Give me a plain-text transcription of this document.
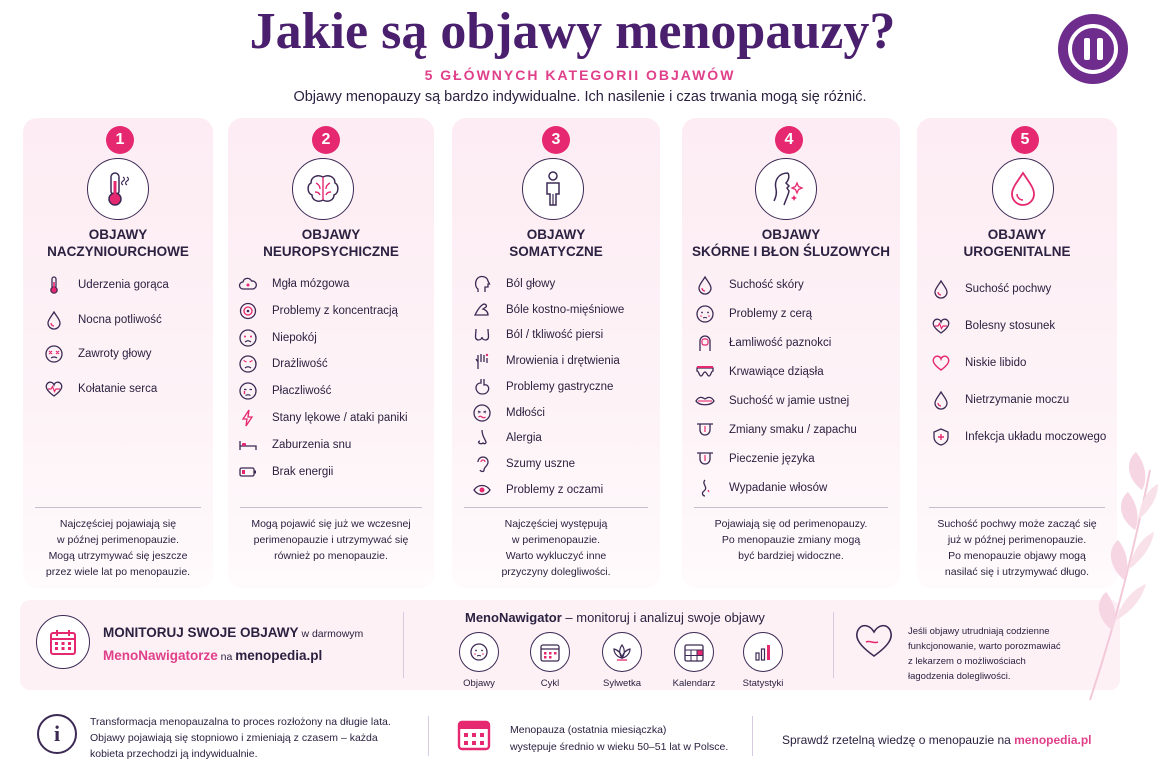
Jakie są objawy menopauzy?
5 GŁÓWNYCH KATEGORII OBJAWÓW
Objawy menopauzy są bardzo indywidualne. Ich nasilenie i czas trwania mogą się różnić.
1
OBJAWY
NACZYNIOURCHOWE
Uderzenia gorąca
Nocna potliwość
Zawroty głowy
Kołatanie serca
Najczęściej pojawiają się
w późnej perimenopauzie.
Mogą utrzymywać się jeszcze
przez wiele lat po menopauzie.
2
OBJAWY
NEUROPSYCHICZNE
Mgła mózgowa
Problemy z koncentracją
Niepokój
Drażliwość
Płaczliwość
Stany lękowe / ataki paniki
Zaburzenia snu
Brak energii
Mogą pojawić się już we wczesnej
perimenopauzie i utrzymywać się
również po menopauzie.
3
OBJAWY
SOMATYCZNE
Ból głowy
Bóle kostno-mięśniowe
Ból / tkliwość piersi
Mrowienia i drętwienia
Problemy gastryczne
Mdłości
Alergia
Szumy uszne
Problemy z oczami
Najczęściej występują
w perimenopauzie.
Warto wykluczyć inne
przyczyny dolegliwości.
4
OBJAWY
SKÓRNE I BŁON ŚLUZOWYCH
Suchość skóry
Problemy z cerą
Łamliwość paznokci
Krwawiące dziąsła
Suchość w jamie ustnej
Zmiany smaku / zapachu
Pieczenie języka
Wypadanie włosów
Pojawiają się od perimenopauzy.
Po menopauzie zmiany mogą
być bardziej widoczne.
5
OBJAWY
UROGENITALNE
Suchość pochwy
Bolesny stosunek
Niskie libido
Nietrzymanie moczu
Infekcja układu moczowego
Suchość pochwy może zacząć się
już w późnej perimenopauzie.
Po menopauzie objawy mogą
nasilać się i utrzymywać długo.
MONITORUJ SWOJE OBJAWY w darmowym
MenoNawigatorze na menopedia.pl
MenoNawigator – monitoruj i analizuj swoje objawy
Objawy	Cykl	Sylwetka	Kalendarz	Statystyki
Jeśli objawy utrudniają codzienne
funkcjonowanie, warto porozmawiać
z lekarzem o możliwościach
łagodzenia dolegliwości.
i	Transformacja menopauzalna to proces rozłożony na długie lata.
Objawy pojawiają się stopniowo i zmieniają z czasem – każda
kobieta przechodzi ją indywidualnie.
Menopauza (ostatnia miesiączka)
występuje średnio w wieku 50–51 lat w Polsce.	Sprawdź rzetelną wiedzę o menopauzie na menopedia.pl
